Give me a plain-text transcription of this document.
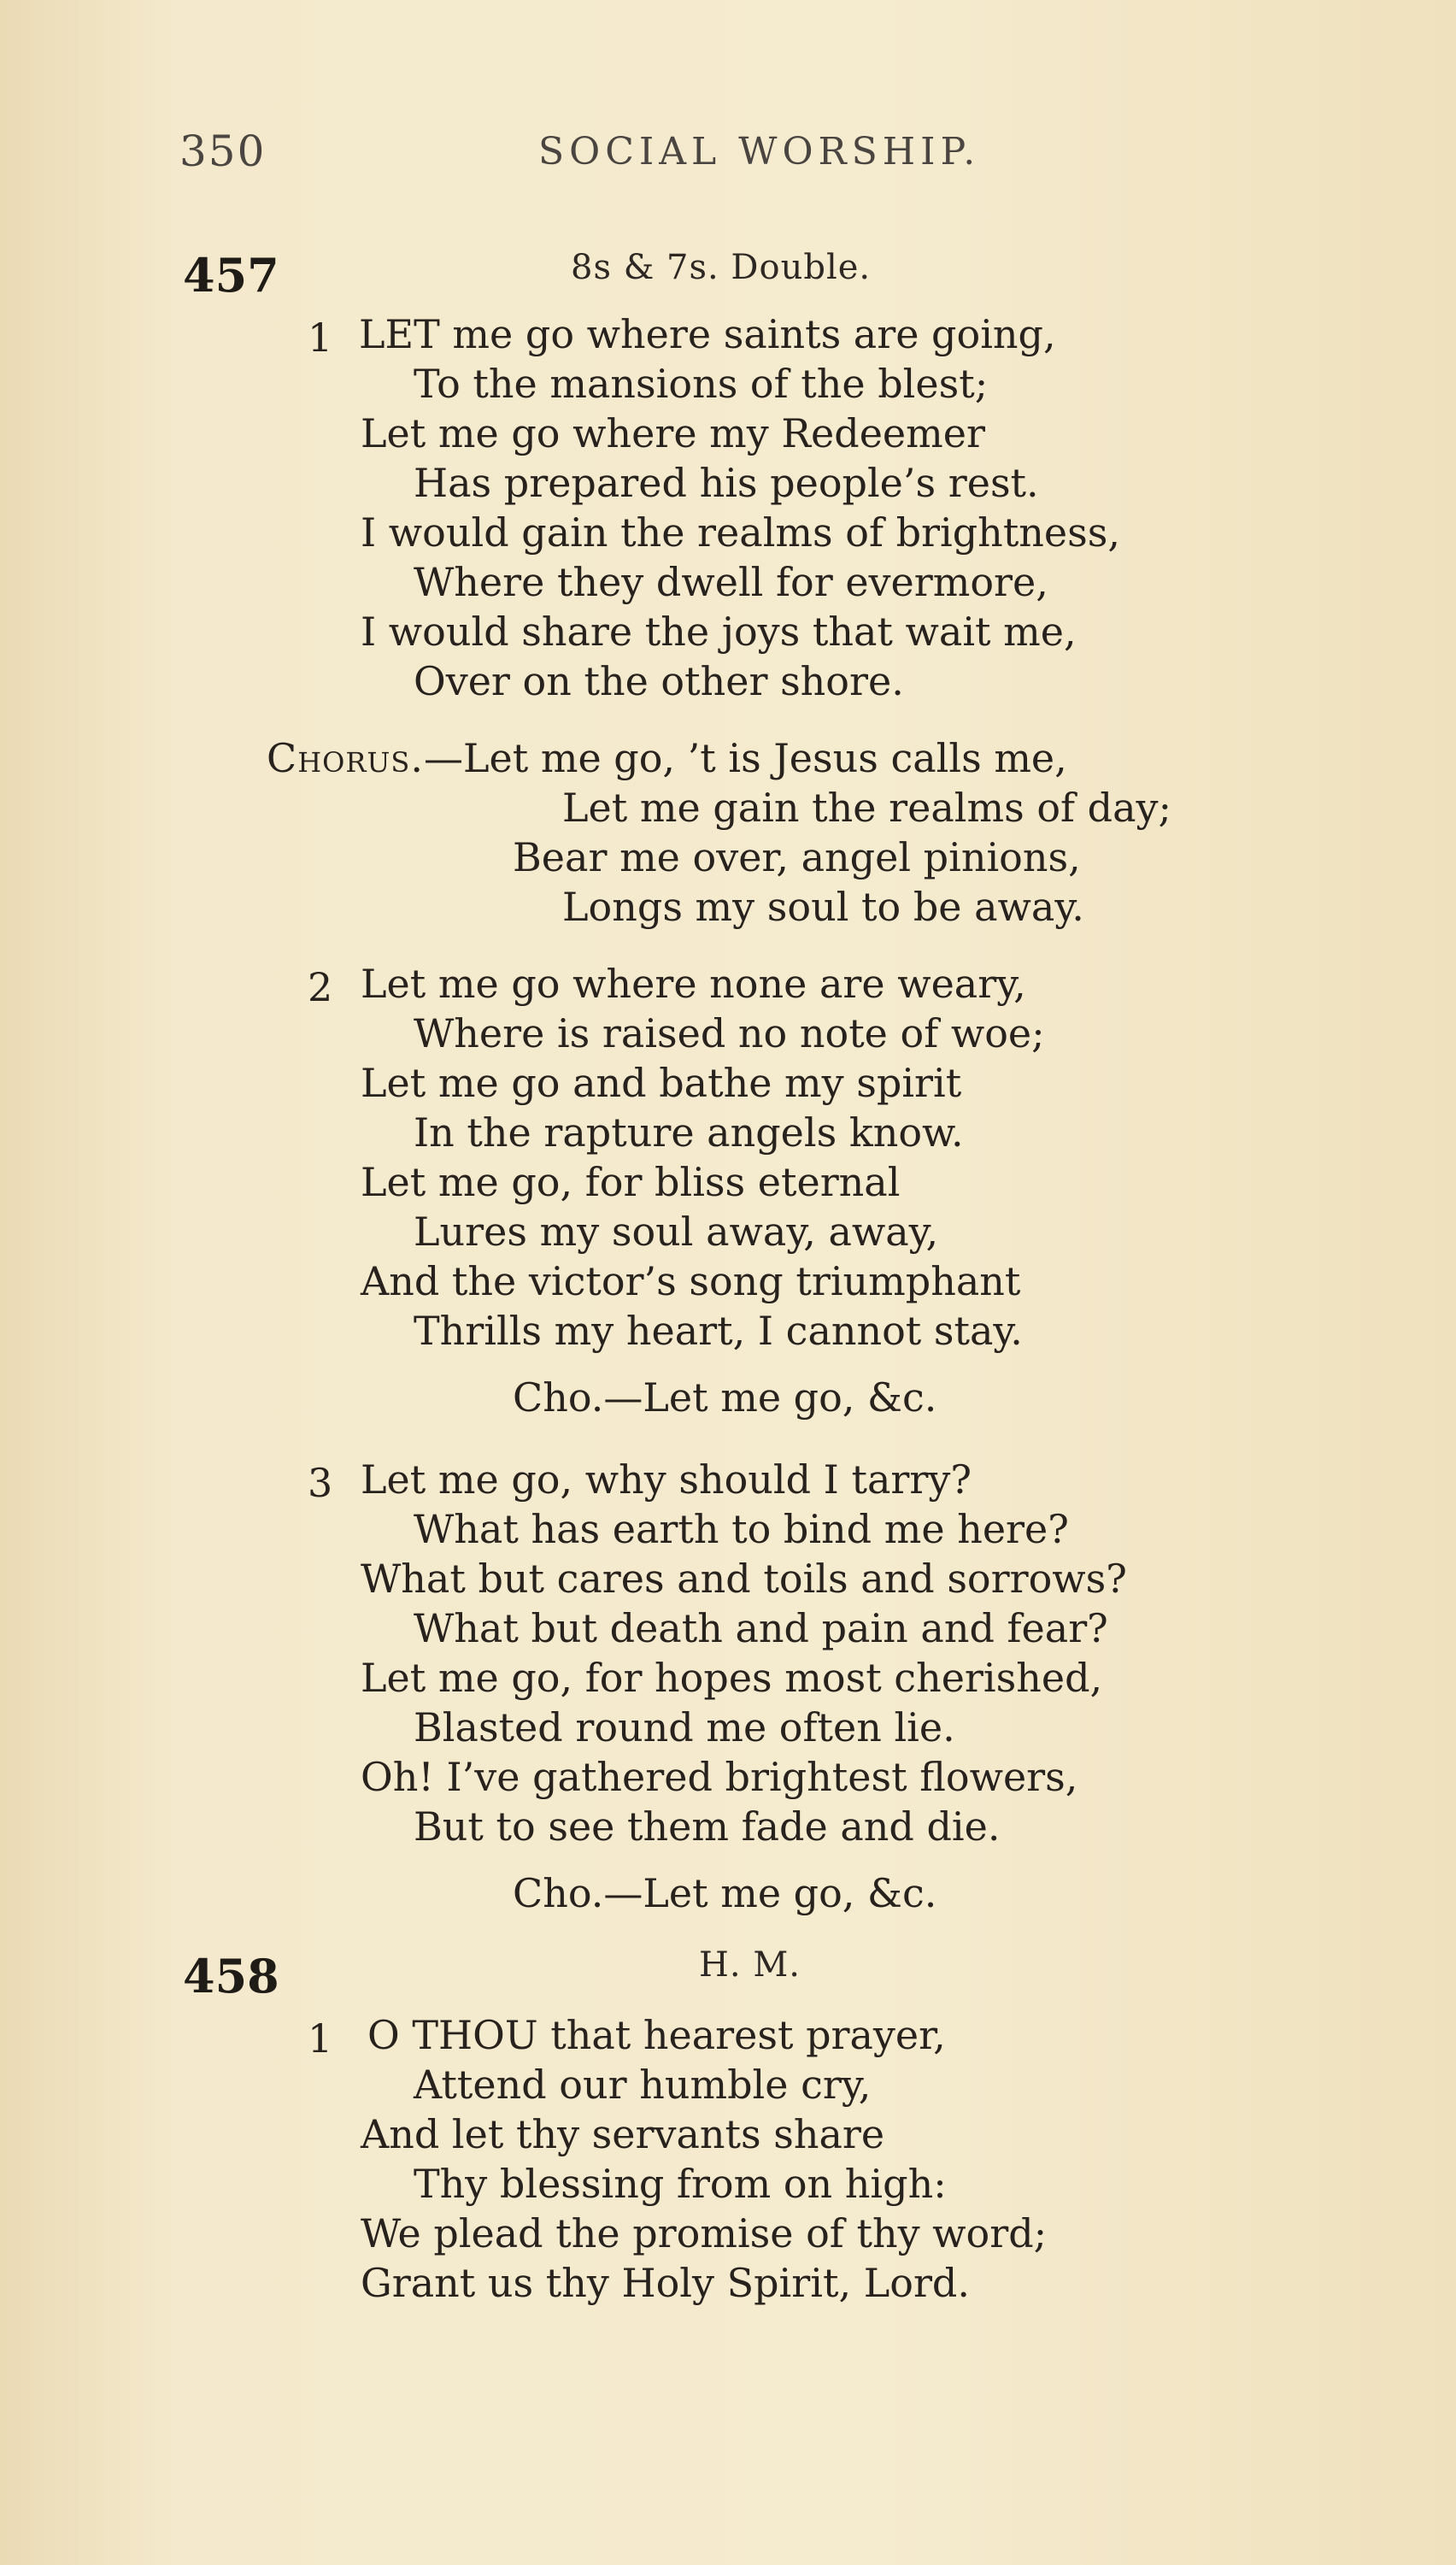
350	SOCIAL WORSHIP.
457	8s & 7s. Double.
1 LET me go where saints are going,
To the mansions of the blest;
Let me go where my Redeemer
Has prepared his people’s rest.
I would gain the realms of brightness,
Where they dwell for evermore,
I would share the joys that wait me,
Over on the other shore.
Chorus.—Let me go, ’t is Jesus calls me,
Let me gain the realms of day;
Bear me over, angel pinions,
Longs my soul to be away.
2 Let me go where none are weary,
Where is raised no note of woe;
Let me go and bathe my spirit
In the rapture angels know.
Let me go, for bliss eternal
Lures my soul away, away,
And the victor’s song triumphant
Thrills my heart, I cannot stay.
Cho.—Let me go, &c.
3 Let me go, why should I tarry?
What has earth to bind me here?
What but cares and toils and sorrows?
What but death and pain and fear?
Let me go, for hopes most cherished,
Blasted round me often lie.
Oh! I’ve gathered brightest flowers,
But to see them fade and die.
Cho.—Let me go, &c.
458	H. M.
1 O THOU that hearest prayer,
Attend our humble cry,
And let thy servants share
Thy blessing from on high:
We plead the promise of thy word;
Grant us thy Holy Spirit, Lord.
